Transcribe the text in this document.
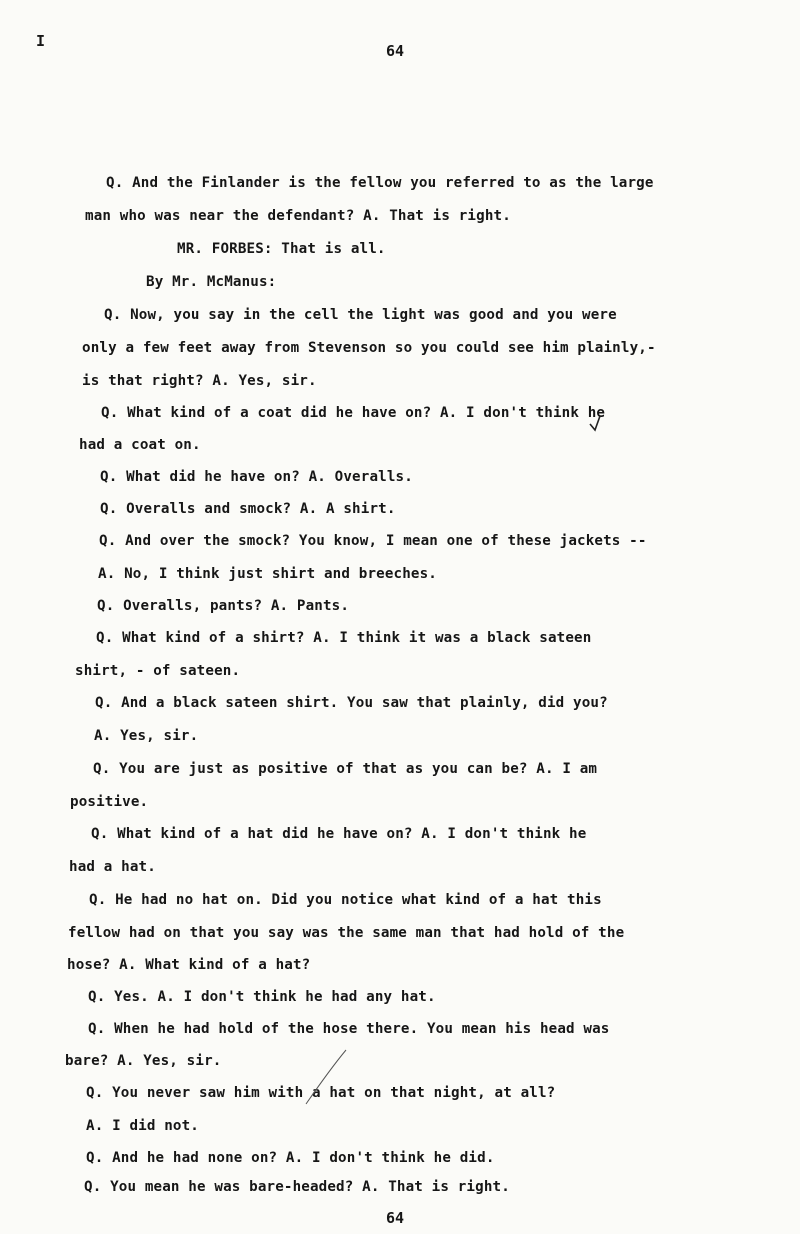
I
64
Q. And the Finlander is the fellow you referred to as the large
man who was near the defendant? A. That is right.
MR. FORBES: That is all.
By Mr. McManus:
Q. Now, you say in the cell the light was good and you were
only a few feet away from Stevenson so you could see him plainly,-
is that right? A. Yes, sir.
Q. What kind of a coat did he have on? A. I don't think he
had a coat on.
Q. What did he have on? A. Overalls.
Q. Overalls and smock? A. A shirt.
Q. And over the smock? You know, I mean one of these jackets --
A. No, I think just shirt and breeches.
Q. Overalls, pants? A. Pants.
Q. What kind of a shirt? A. I think it was a black sateen
shirt, - of sateen.
Q. And a black sateen shirt. You saw that plainly, did you?
A. Yes, sir.
Q. You are just as positive of that as you can be? A. I am
positive.
Q. What kind of a hat did he have on? A. I don't think he
had a hat.
Q. He had no hat on. Did you notice what kind of a hat this
fellow had on that you say was the same man that had hold of the
hose? A. What kind of a hat?
Q. Yes. A. I don't think he had any hat.
Q. When he had hold of the hose there. You mean his head was
bare? A. Yes, sir.
Q. You never saw him with a hat on that night, at all?
A. I did not.
Q. And he had none on? A. I don't think he did.
Q. You mean he was bare-headed? A. That is right.
64
